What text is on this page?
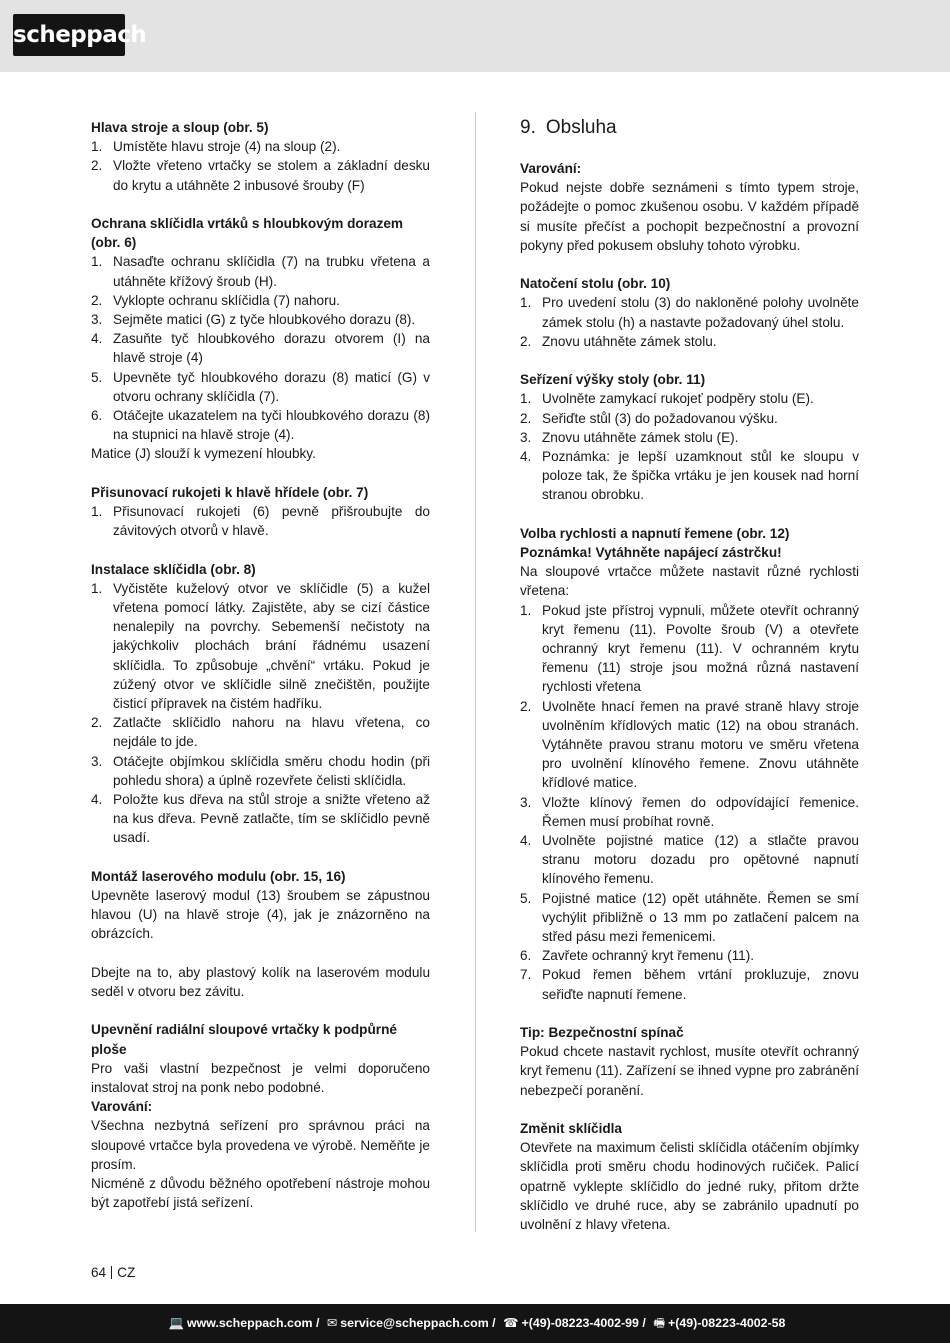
scheppach
Hlava stroje a sloup (obr. 5)
1. Umístěte hlavu stroje (4) na sloup (2).
2. Vložte vřeteno vrtačky se stolem a základní desku do krytu a utáhněte 2 inbusové šrouby (F)
Ochrana sklíčidla vrtáků s hloubkovým dorazem (obr. 6)
1. Nasaďte ochranu sklíčidla (7) na trubku vřetena a utáhněte křížový šroub (H).
2. Vyklopte ochranu sklíčidla (7) nahoru.
3. Sejměte matici (G) z tyče hloubkového dorazu (8).
4. Zasuňte tyč hloubkového dorazu otvorem (I) na hlavě stroje (4)
5. Upevněte tyč hloubkového dorazu (8) maticí (G) v otvoru ochrany sklíčidla (7).
6. Otáčejte ukazatelem na tyči hloubkového dorazu (8) na stupnici na hlavě stroje (4).
Matice (J) slouží k vymezení hloubky.
Přisunovací rukojeti k hlavě hřídele (obr. 7)
1. Přisunovací rukojeti (6) pevně přišroubujte do závitových otvorů v hlavě.
Instalace sklíčidla (obr. 8)
1. Vyčistěte kuželový otvor ve sklíčidle (5) a kužel vřetena pomocí látky. Zajistěte, aby se cizí částice nenalepily na povrchy. Sebemenší nečistoty na jakýchkoliv plochách brání řádnému usazení sklíčidla. To způsobuje „chvění“ vrtáku. Pokud je zúžený otvor ve sklíčidle silně znečištěn, použijte čisticí přípravek na čistém hadříku.
2. Zatlačte sklíčidlo nahoru na hlavu vřetena, co nejdále to jde.
3. Otáčejte objímkou sklíčidla směru chodu hodin (při pohledu shora) a úplně rozevřete čelisti sklíčidla.
4. Položte kus dřeva na stůl stroje a snižte vřeteno až na kus dřeva. Pevně zatlačte, tím se sklíčidlo pevně usadí.
Montáž laserového modulu (obr. 15, 16)
Upevněte laserový modul (13) šroubem se zápustnou hlavou (U) na hlavě stroje (4), jak je znázorněno na obrázcích.
Dbejte na to, aby plastový kolík na laserovém modulu seděl v otvoru bez závitu.
Upevnění radiální sloupové vrtačky k podpůrné ploše
Pro vaši vlastní bezpečnost je velmi doporučeno instalovat stroj na ponk nebo podobné.
Varování:
Všechna nezbytná seřízení pro správnou práci na sloupové vrtačce byla provedena ve výrobě. Neměňte je prosím.
Nicméně z důvodu běžného opotřebení nástroje mohou být zapotřebí jistá seřízení.
9. Obsluha
Varování:
Pokud nejste dobře seznámeni s tímto typem stroje, požádejte o pomoc zkušenou osobu. V každém případě si musíte přečíst a pochopit bezpečnostní a provozní pokyny před pokusem obsluhy tohoto výrobku.
Natočení stolu (obr. 10)
1. Pro uvedení stolu (3) do nakloněné polohy uvolněte zámek stolu (h) a nastavte požadovaný úhel stolu.
2. Znovu utáhněte zámek stolu.
Seřízení výšky stoly (obr. 11)
1. Uvolněte zamykací rukojeť podpěry stolu (E).
2. Seřiďte stůl (3) do požadovanou výšku.
3. Znovu utáhněte zámek stolu (E).
4. Poznámka: je lepší uzamknout stůl ke sloupu v poloze tak, že špička vrtáku je jen kousek nad horní stranou obrobku.
Volba rychlosti a napnutí řemene (obr. 12)
Poznámka! Vytáhněte napájecí zástrčku!
Na sloupové vrtačce můžete nastavit různé rychlosti vřetena:
1. Pokud jste přístroj vypnuli, můžete otevřít ochranný kryt řemenu (11). Povolte šroub (V) a otevřete ochranný kryt řemenu (11). V ochranném krytu řemenu (11) stroje jsou možná různá nastavení rychlosti vřetena
2. Uvolněte hnací řemen na pravé straně hlavy stroje uvolněním křídlových matic (12) na obou stranách. Vytáhněte pravou stranu motoru ve směru vřetena pro uvolnění klínového řemene. Znovu utáhněte křídlové matice.
3. Vložte klínový řemen do odpovídající řemenice. Řemen musí probíhat rovně.
4. Uvolněte pojistné matice (12) a stlačte pravou stranu motoru dozadu pro opětovné napnutí klínového řemenu.
5. Pojistné matice (12) opět utáhněte. Řemen se smí vychýlit přibližně o 13 mm po zatlačení palcem na střed pásu mezi řemenicemi.
6. Zavřete ochranný kryt řemenu (11).
7. Pokud řemen během vrtání prokluzuje, znovu seřiďte napnutí řemene.
Tip: Bezpečnostní spínač
Pokud chcete nastavit rychlost, musíte otevřít ochranný kryt řemenu (11). Zařízení se ihned vypne pro zabránění nebezpečí poranění.
Změnit sklíčidla
Otevřete na maximum čelisti sklíčidla otáčením objímky sklíčidla proti směru chodu hodinových ručiček. Palicí opatrně vyklepte sklíčidlo do jedné ruky, přitom držte sklíčidlo ve druhé ruce, aby se zabránilo upadnutí po uvolnění z hlavy vřetena.
64 CZ
💻 www.scheppach.com / ✉ service@scheppach.com / ☎ +(49)-08223-4002-99 / 🖷 +(49)-08223-4002-58
